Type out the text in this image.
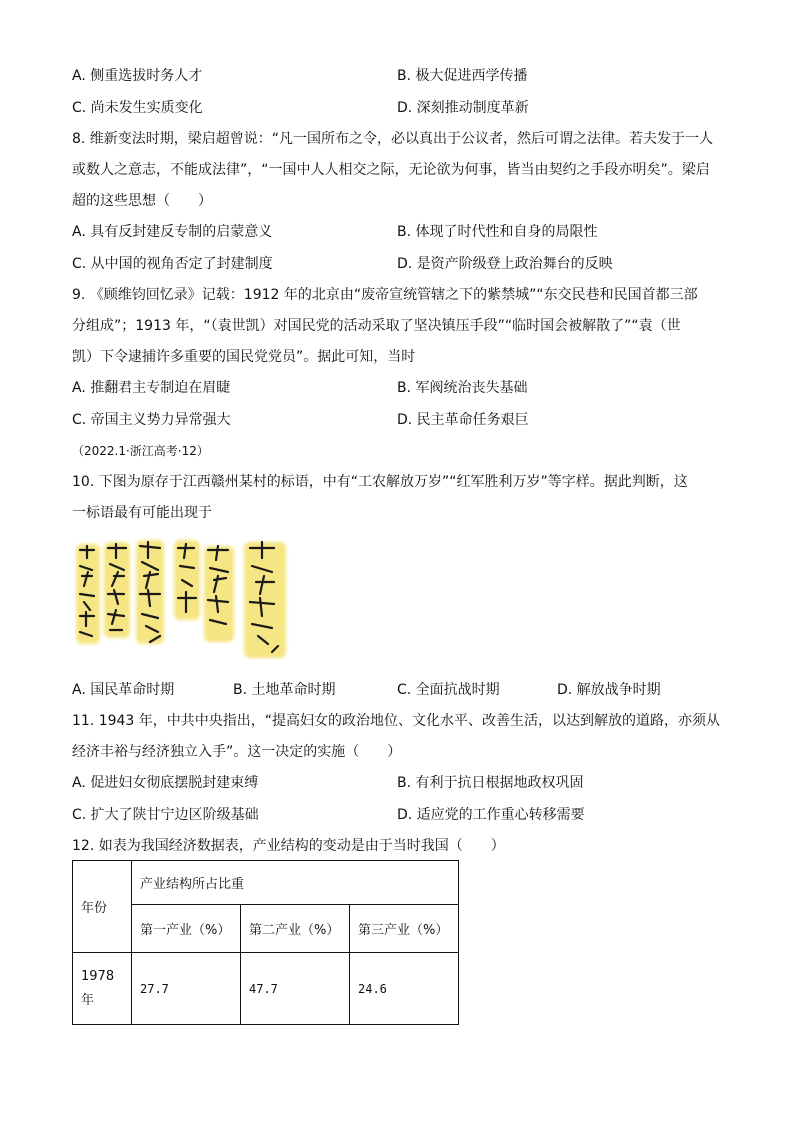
A. 侧重选拔时务人才	B. 极大促进西学传播
C. 尚未发生实质变化	D. 深刻推动制度革新
8. 维新变法时期，梁启超曾说：“凡一国所布之令，必以真出于公议者，然后可谓之法律。若夫发于一人
或数人之意志，不能成法律”，“一国中人人相交之际，无论欲为何事，皆当由契约之手段亦明矣”。梁启
超的这些思想（　　）
A. 具有反封建反专制的启蒙意义	B. 体现了时代性和自身的局限性
C. 从中国的视角否定了封建制度	D. 是资产阶级登上政治舞台的反映
9. 《顾维钧回忆录》记载：1912 年的北京由“废帝宣统管辖之下的紫禁城”“东交民巷和民国首都三部
分组成”；1913 年，“（袁世凯）对国民党的活动采取了坚决镇压手段”“临时国会被解散了”“袁（世
凯）下令逮捕许多重要的国民党党员”。据此可知，当时
A. 推翻君主专制迫在眉睫	B. 军阀统治丧失基础
C. 帝国主义势力异常强大	D. 民主革命任务艰巨
（2022.1·浙江高考·12）
10. 下图为原存于江西赣州某村的标语，中有“工农解放万岁”“红军胜利万岁”等字样。据此判断，这
一标语最有可能出现于
A. 国民革命时期	B. 土地革命时期	C. 全面抗战时期	D. 解放战争时期
11. 1943 年，中共中央指出，“提高妇女的政治地位、文化水平、改善生活，以达到解放的道路，亦须从
经济丰裕与经济独立入手”。这一决定的实施（　　）
A. 促进妇女彻底摆脱封建束缚	B. 有利于抗日根据地政权巩固
C. 扩大了陕甘宁边区阶级基础	D. 适应党的工作重心转移需要
12. 如表为我国经济数据表，产业结构的变动是由于当时我国（　　）
年份	产业结构所占比重		
	第一产业（%）	第二产业（%）	第三产业（%）
1978 年	27.7	47.7	24.6
